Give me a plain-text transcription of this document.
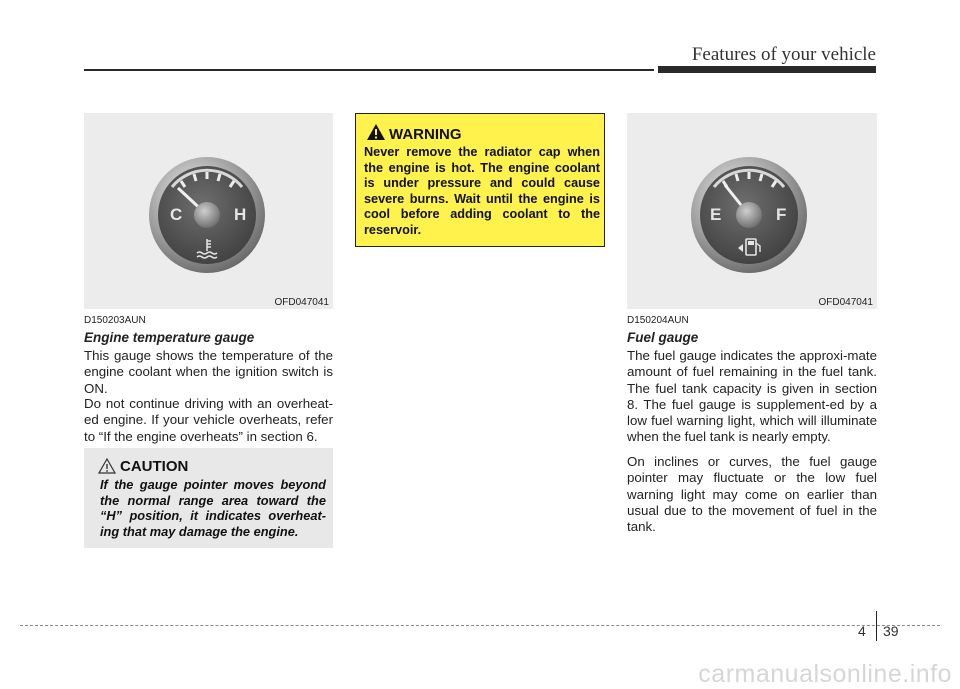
Features of your vehicle
C	H
OFD047041
D150203AUN
Engine temperature gauge

This gauge shows the temperature of the engine coolant when the ignition switch is ON.

Do not continue driving with an overheat-ed engine. If your vehicle overheats, refer to “If the engine overheats” in section 6.

CAUTION
If the gauge pointer moves beyond the normal range area toward the “H” position, it indicates overheat-ing that may damage the engine.
WARNING
Never remove the radiator cap when the engine is hot. The engine coolant is under pressure and could cause severe burns. Wait until the engine is cool before adding coolant to the reservoir.
E	F
OFD047041
D150204AUN
Fuel gauge

The fuel gauge indicates the approxi-mate amount of fuel remaining in the fuel tank. The fuel tank capacity is given in section 8. The fuel gauge is supplement-ed by a low fuel warning light, which will illuminate when the fuel tank is nearly empty.

On inclines or curves, the fuel gauge pointer may fluctuate or the low fuel warning light may come on earlier than usual due to the movement of fuel in the tank.

4 39
carmanualsonline.info
